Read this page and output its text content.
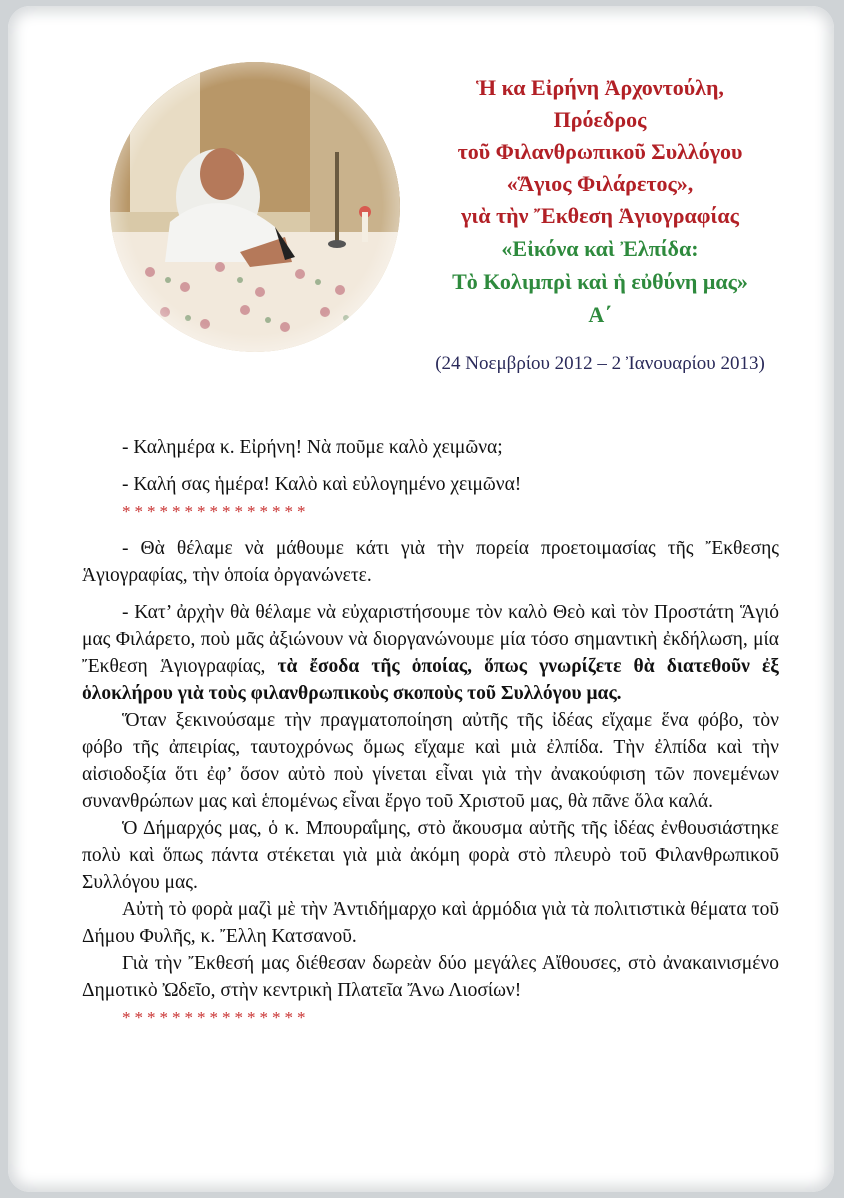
Ἡ κα Εἰρήνη Ἀρχοντούλη,
Πρόεδρος
τοῦ Φιλανθρωπικοῦ Συλλόγου
«Ἅγιος Φιλάρετος»,
γιὰ τὴν Ἔκθεση Ἁγιογραφίας
«Εἰκόνα καὶ Ἐλπίδα:
Τὸ Κολιμπρὶ καὶ ἡ εὐθύνη μας»
Α΄
(24 Νοεμβρίου 2012 – 2 Ἰανουαρίου 2013)

- Καλημέρα κ. Εἰρήνη! Νὰ ποῦμε καλὸ χειμῶνα;

- Καλή σας ἡμέρα! Καλὸ καὶ εὐλογημένο χειμῶνα!

***************

- Θὰ θέλαμε νὰ μάθουμε κάτι γιὰ τὴν πορεία προετοιμασίας τῆς Ἔκθεσης Ἁγιογραφίας, τὴν ὁποία ὀργανώνετε.

- Κατ’ ἀρχὴν θὰ θέλαμε νὰ εὐχαριστήσουμε τὸν καλὸ Θεὸ καὶ τὸν Προστάτη Ἅγιό μας Φιλάρετο, ποὺ μᾶς ἀξιώνουν νὰ διοργανώνουμε μία τόσο σημαντικὴ ἐκδήλωση, μία Ἔκθεση Ἁγιογραφίας, τὰ ἔσοδα τῆς ὁποίας, ὅπως γνωρίζετε θὰ διατεθοῦν ἐξ ὁλοκλήρου γιὰ τοὺς φιλανθρωπικοὺς σκοποὺς τοῦ Συλλόγου μας.

Ὅταν ξεκινούσαμε τὴν πραγματοποίηση αὐτῆς τῆς ἰδέας εἴχαμε ἕνα φόβο, τὸν φόβο τῆς ἀπειρίας, ταυτοχρόνως ὅμως εἴχαμε καὶ μιὰ ἐλπίδα. Τὴν ἐλπίδα καὶ τὴν αἰσιοδοξία ὅτι ἐφ’ ὅσον αὐτὸ ποὺ γίνεται εἶναι γιὰ τὴν ἀνακούφιση τῶν πονεμένων συνανθρώπων μας καὶ ἑπομένως εἶναι ἔργο τοῦ Χριστοῦ μας, θὰ πᾶνε ὅλα καλά.

Ὁ Δήμαρχός μας, ὁ κ. Μπουραΐμης, στὸ ἄκουσμα αὐτῆς τῆς ἰδέας ἐνθουσιάστηκε πολὺ καὶ ὅπως πάντα στέκεται γιὰ μιὰ ἀκόμη φορὰ στὸ πλευρὸ τοῦ Φιλανθρωπικοῦ Συλλόγου μας.

Αὐτὴ τὸ φορὰ μαζὶ μὲ τὴν Ἀντιδήμαρχο καὶ ἁρμόδια γιὰ τὰ πολιτιστικὰ θέματα τοῦ Δήμου Φυλῆς, κ. Ἔλλη Κατσανοῦ.

Γιὰ τὴν Ἔκθεσή μας διέθεσαν δωρεὰν δύο μεγάλες Αἴθουσες, στὸ ἀνακαινισμένο Δημοτικὸ Ὠδεῖο, στὴν κεντρικὴ Πλατεῖα Ἄνω Λιοσίων!

***************
